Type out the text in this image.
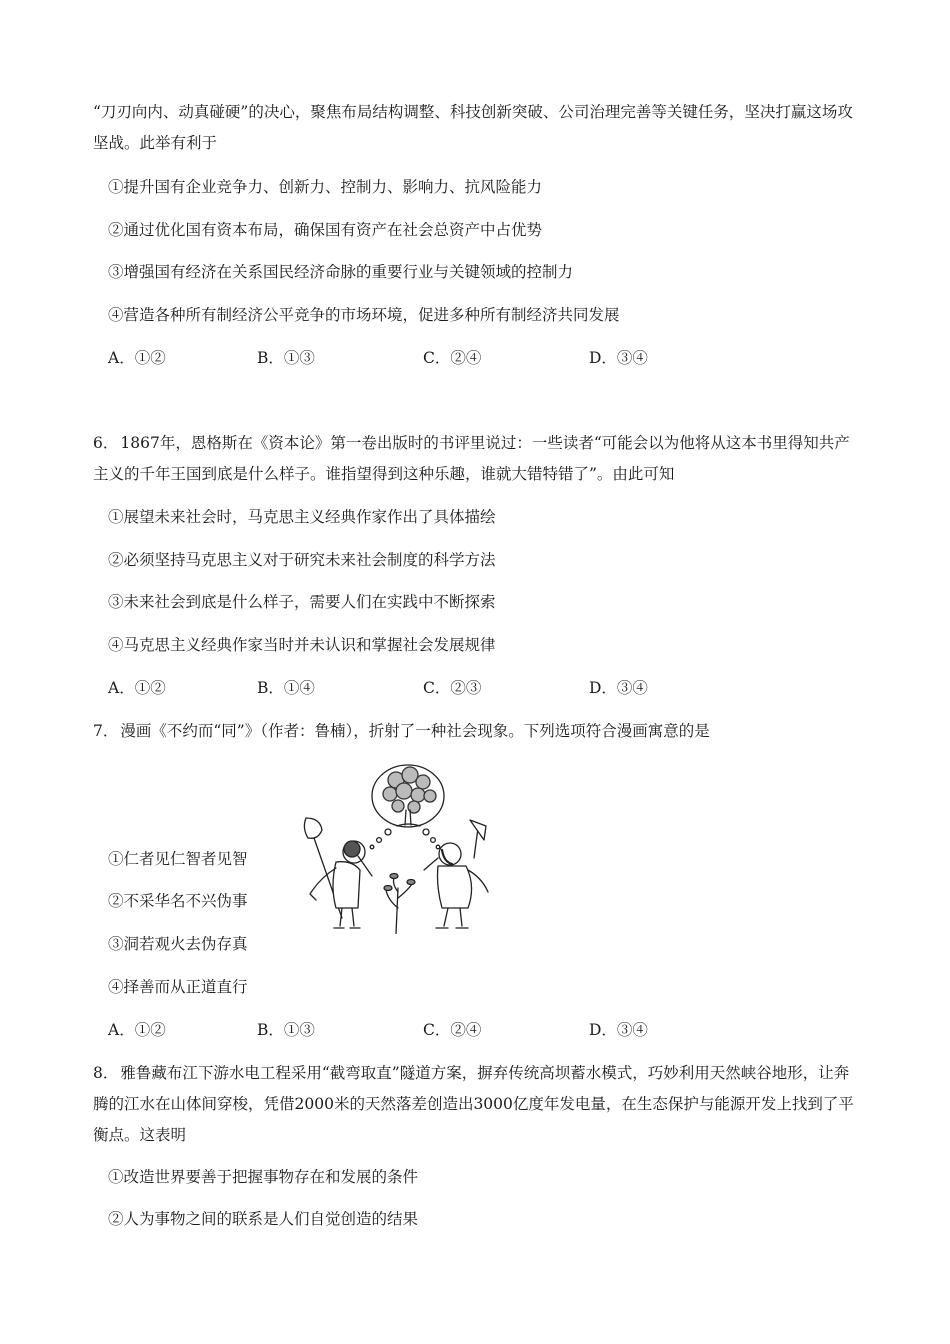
“刀刃向内、动真碰硬”的决心，聚焦布局结构调整、科技创新突破、公司治理完善等关键任务，坚决打赢这场攻坚战。此举有利于

①提升国有企业竞争力、创新力、控制力、影响力、抗风险能力
②通过优化国有资本布局，确保国有资产在社会总资产中占优势
③增强国有经济在关系国民经济命脉的重要行业与关键领域的控制力
④营造各种所有制经济公平竞争的市场环境，促进多种所有制经济共同发展
A．①②	B．①③	C．②④	D．③④

6． 1867年，恩格斯在《资本论》第一卷出版时的书评里说过：一些读者“可能会以为他将从这本书里得知共产主义的千年王国到底是什么样子。谁指望得到这种乐趣，谁就大错特错了”。由此可知

①展望未来社会时，马克思主义经典作家作出了具体描绘
②必须坚持马克思主义对于研究未来社会制度的科学方法
③未来社会到底是什么样子，需要人们在实践中不断探索
④马克思主义经典作家当时并未认识和掌握社会发展规律
A．①②	B．①④	C．②③	D．③④
7． 漫画《不约而“同”》（作者：鲁楠），折射了一种社会现象。下列选项符合漫画寓意的是
①仁者见仁智者见智
②不采华名不兴伪事
③洞若观火去伪存真
④择善而从正道直行
A．①②	B．①③	C．②④	D．③④

8． 雅鲁藏布江下游水电工程采用“截弯取直”隧道方案，摒弃传统高坝蓄水模式，巧妙利用天然峡谷地形，让奔腾的江水在山体间穿梭，凭借2000米的天然落差创造出3000亿度年发电量，在生态保护与能源开发上找到了平衡点。这表明

①改造世界要善于把握事物存在和发展的条件
②人为事物之间的联系是人们自觉创造的结果
